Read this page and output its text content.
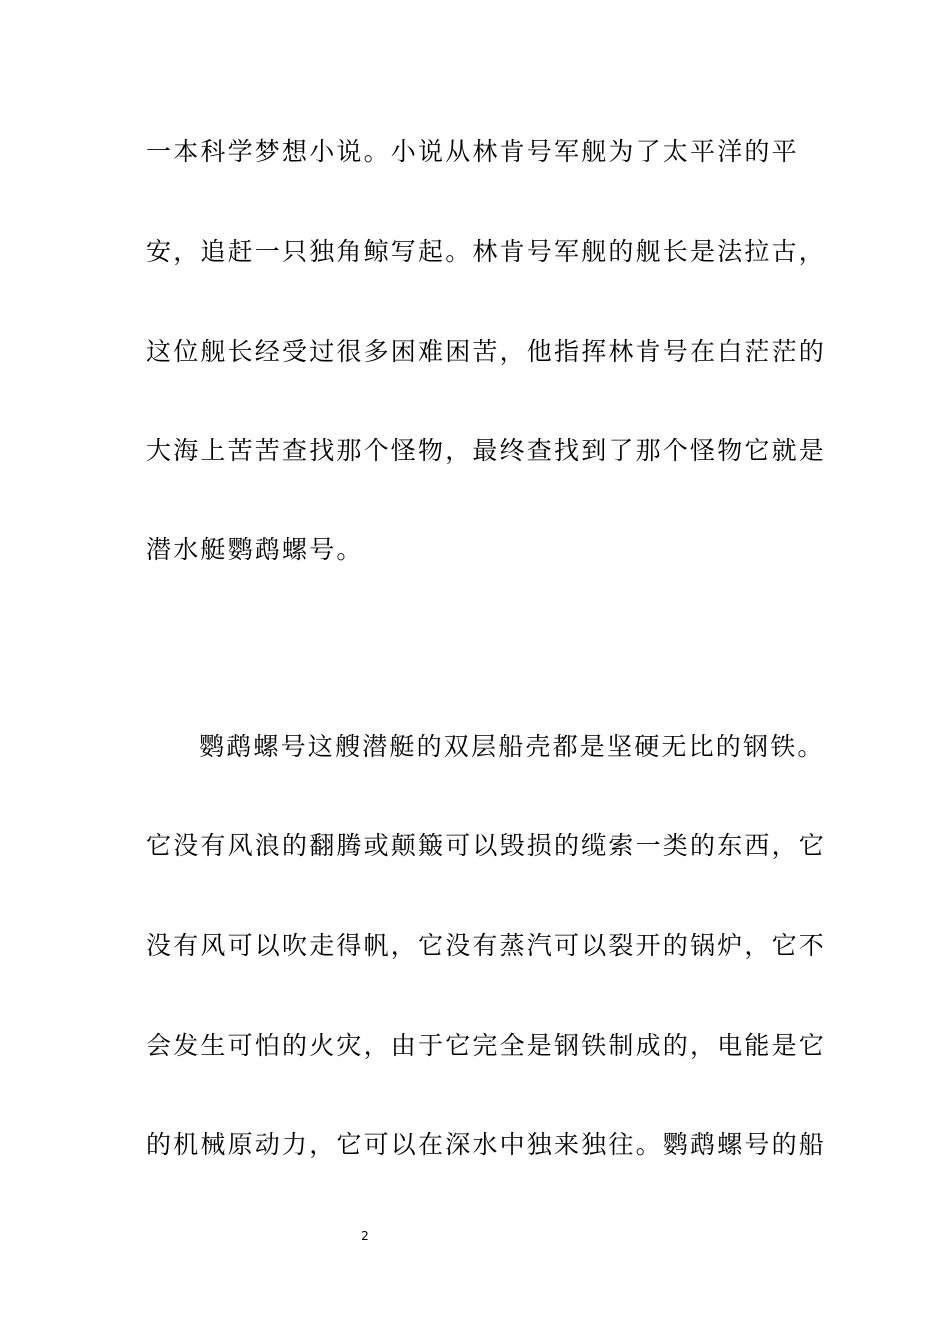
一本科学梦想小说。小说从林肯号军舰为了太平洋的平
安，追赶一只独角鲸写起。林肯号军舰的舰长是法拉古，
这位舰长经受过很多困难困苦，他指挥林肯号在白茫茫的
大海上苦苦查找那个怪物，最终查找到了那个怪物它就是
潜水艇鹦鹉螺号。
鹦鹉螺号这艘潜艇的双层船壳都是坚硬无比的钢铁。
它没有风浪的翻腾或颠簸可以毁损的缆索一类的东西，它
没有风可以吹走得帆，它没有蒸汽可以裂开的锅炉，它不
会发生可怕的火灾，由于它完全是钢铁制成的，电能是它
的机械原动力，它可以在深水中独来独往。鹦鹉螺号的船
2
